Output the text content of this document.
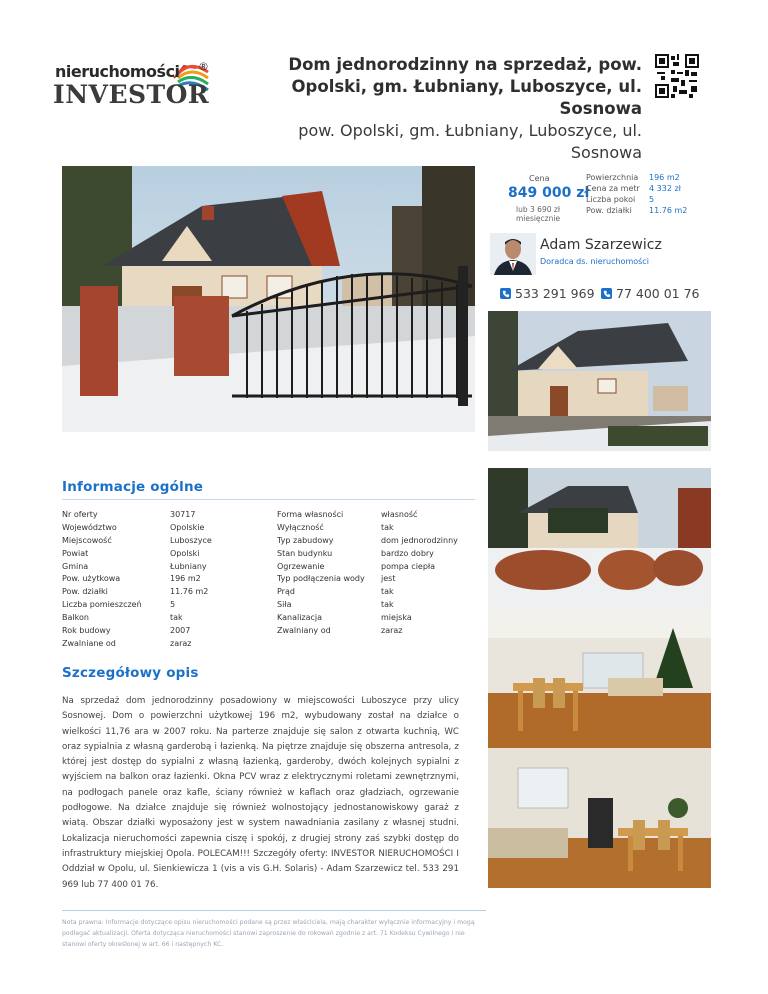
nieruchomości ®
INVESTOR
Dom jednorodzinny na sprzedaż, pow. Opolski, gm. Łubniany, Luboszyce, ul. Sosnowa
pow. Opolski, gm. Łubniany, Luboszyce, ul. Sosnowa
Cena
849 000 zł
lub 3 690 zł miesięcznie
Powierzchnia	196 m2
Cena za metr	4 332 zł
Liczba pokoi	5
Pow. działki	11.76 m2
Adam Szarzewicz
Doradca ds. nieruchomości
533 291 969 77 400 01 76
Informacje ogólne
Nr oferty	30717	Forma własności	własność
Województwo	Opolskie	Wyłączność	tak
Miejscowość	Luboszyce	Typ zabudowy	dom jednorodzinny
Powiat	Opolski	Stan budynku	bardzo dobry
Gmina	Łubniany	Ogrzewanie	pompa ciepła
Pow. użytkowa	196 m2	Typ podłączenia wody	jest
Pow. działki	11.76 m2	Prąd	tak
Liczba pomieszczeń	5	Siła	tak
Balkon	tak	Kanalizacja	miejska
Rok budowy	2007	Zwalniany od	zaraz
Zwalniane od	zaraz
Szczegółowy opis
Na sprzedaż dom jednorodzinny posadowiony w miejscowości Luboszyce przy ulicy Sosnowej. Dom o powierzchni użytkowej 196 m2, wybudowany został na działce o wielkości 11,76 ara w 2007 roku. Na parterze znajduje się salon z otwarta kuchnią, WC oraz sypialnia z własną garderobą i łazienką. Na piętrze znajduje się obszerna antresola, z której jest dostęp do sypialni z własną łazienką, garderoby, dwóch kolejnych sypialni z wyjściem na balkon oraz łazienki. Okna PCV wraz z elektrycznymi roletami zewnętrznymi, na podłogach panele oraz kafle, ściany również w kaflach oraz gładziach, ogrzewanie podłogowe. Na działce znajduje się również wolnostojący jednostanowiskowy garaż z wiatą. Obszar działki wyposażony jest w system nawadniania zasilany z własnej studni. Lokalizacja nieruchomości zapewnia ciszę i spokój, z drugiej strony zaś szybki dostęp do infrastruktury miejskiej Opola. POLECAM!!! Szczegóły oferty: INVESTOR NIERUCHOMOŚCI I Oddział w Opolu, ul. Sienkiewicza 1 (vis a vis G.H. Solaris) - Adam Szarzewicz tel. 533 291 969 lub 77 400 01 76.
Nota prawna: Informacje dotyczące opisu nieruchomości podane są przez właściciela, mają charakter wyłącznie informacyjny i mogą podlegać aktualizacji. Oferta dotycząca nieruchomości stanowi zaproszenie do rokowań zgodnie z art. 71 Kodeksu Cywilnego i nie stanowi oferty określonej w art. 66 i następnych KC.
